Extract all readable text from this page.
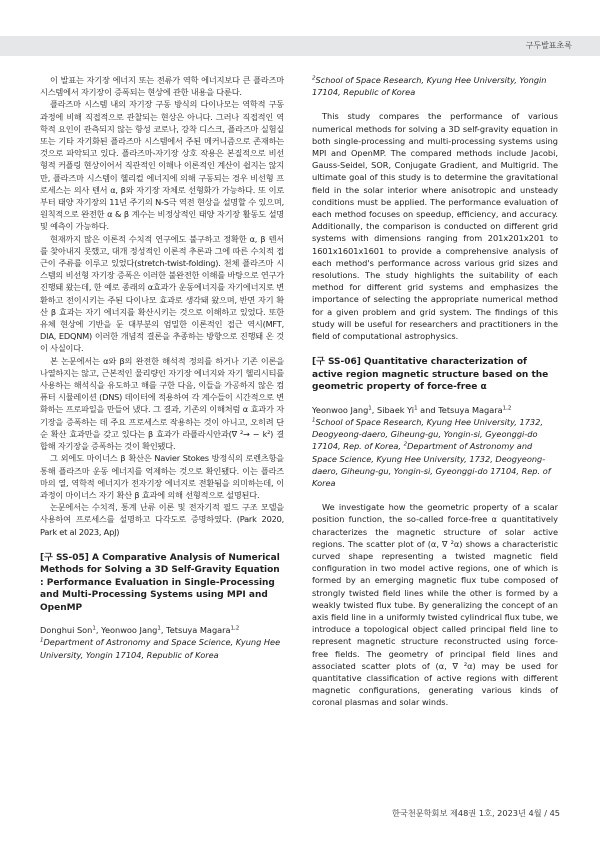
구두발표초록

이 발표는 자기장 에너지 또는 전류가 역학 에너지보다 큰 플라즈마 시스템에서 자기장이 증폭되는 현상에 관한 내용을 다룬다.

플라즈마 시스템 내의 자기장 구동 방식의 다이나모는 역학적 구동 과정에 비해 직접적으로 관찰되는 현상은 아니다. 그러나 직접적인 역학적 요인이 관측되지 않는 항성 코로나, 강착 디스크, 플라즈마 실험실 또는 기타 자기화된 플라즈마 시스템에서 주된 메커니즘으로 존재하는 것으로 파악되고 있다. 플라즈마-자기장 상호 작용은 본질적으로 비선형적 커플링 현상이어서 직관적인 이해나 이론적인 계산이 쉽지는 않지만, 플라즈마 시스템이 헬리컬 에너지에 의해 구동되는 경우 비선형 프로세스는 의사 텐서 α, β와 자기장 자체로 선형화가 가능하다. 또 이로부터 태양 자기장의 11년 주기의 N-S극 역전 현상을 설명할 수 있으며, 원칙적으로 완전한 α & β 계수는 비정상적인 태양 자기장 활동도 설명 및 예측이 가능하다.

현재까지 많은 이론적 수치적 연구에도 불구하고 정확한 α, β 텐서를 찾아내지 못했고, 대개 정성적인 이론적 추론과 그에 따른 수치적 접근이 주류를 이루고 있었다(stretch-twist-folding). 천체 플라즈마 시스템의 비선형 자기장 증폭은 이러한 불완전한 이해를 바탕으로 연구가 진행돼 왔는데, 한 예로 종래의 α효과가 운동에너지를 자기에너지로 변환하고 전이시키는 주된 다이나모 효과로 생각돼 왔으며, 반면 자기 확산 β 효과는 자기 에너지를 확산시키는 것으로 이해하고 있었다. 또한 유체 현상에 기반을 둔 대부분의 엄밀한 이론적인 접근 역시(MFT, DIA, EDQNM) 이러한 개념적 결론을 추종하는 방향으로 진행돼 온 것이 사실이다.

본 논문에서는 α와 β의 완전한 해석적 정의를 하거나 기존 이론을 나열하지는 않고, 근본적인 물리량인 자기장 에너지와 자기 헬리시티를 사용하는 해석식을 유도하고 해를 구한 다음, 이들을 가공하지 않은 컴퓨터 시뮬레이션 (DNS) 데이터에 적용하여 각 계수들이 시간적으로 변화하는 프로파일을 만들어 냈다. 그 결과, 기존의 이해처럼 α 효과가 자기장을 증폭하는 데 주요 프로세스로 작용하는 것이 아니고, 오히려 단순 확산 효과만을 갖고 있다는 β 효과가 라플라시안과(∇ ²→ − k²) 결합해 자기장을 증폭하는 것이 확인됐다.

그 외에도 마이너스 β 확산은 Navier Stokes 방정식의 로렌츠항을 통해 플라즈마 운동 에너지를 억제하는 것으로 확인됐다. 이는 플라즈마의 열, 역학적 에너지가 전자기장 에너지로 전환됨을 의미하는데, 이 과정이 마이너스 자기 확산 β 효과에 의해 선형적으로 설명된다.

논문에서는 수치적, 통계 난류 이론 및 전자기적 필드 구조 모델을 사용하여 프로세스를 설명하고 다각도로 증명하였다. (Park 2020, Park et al 2023, ApJ)

[구 SS-05] A Comparative Analysis of Numerical Methods for Solving a 3D Self-Gravity Equation : Performance Evaluation in Single-Processing and Multi-Processing Systems using MPI and OpenMP

Donghui Son$^1$, Yeonwoo Jang$^1$, Tetsuya Magara$^{1,2}$

$^1$Department of Astronomy and Space Science, Kyung Hee University, Yongin 17104, Republic of Korea

$^2$School of Space Research, Kyung Hee University, Yongin 17104, Republic of Korea

This study compares the performance of various numerical methods for solving a 3D self-gravity equation in both single-processing and multi-processing systems using MPI and OpenMP. The compared methods include Jacobi, Gauss-Seidel, SOR, Conjugate Gradient, and Multigrid. The ultimate goal of this study is to determine the gravitational field in the solar interior where anisotropic and unsteady conditions must be applied. The performance evaluation of each method focuses on speedup, efficiency, and accuracy. Additionally, the comparison is conducted on different grid systems with dimensions ranging from 201x201x201 to 1601x1601x1601 to provide a comprehensive analysis of each method's performance across various grid sizes and resolutions. The study highlights the suitability of each method for different grid systems and emphasizes the importance of selecting the appropriate numerical method for a given problem and grid system. The findings of this study will be useful for researchers and practitioners in the field of computational astrophysics.

[구 SS-06] Quantitative characterization of active region magnetic structure based on the geometric property of force-free α

Yeonwoo Jang$^1$, Sibaek Yi$^1$ and Tetsuya Magara$^{1,2}$

$^1$School of Space Research, Kyung Hee University, 1732, Deogyeong-daero, Giheung-gu, Yongin-si, Gyeonggi-do 17104, Rep. of Korea, $^2$Department of Astronomy and Space Science, Kyung Hee University, 1732, Deogyeong-daero, Giheung-gu, Yongin-si, Gyeonggi-do 17104, Rep. of Korea

We investigate how the geometric property of a scalar position function, the so-called force-free α quantitatively characterizes the magnetic structure of solar active regions. The scatter plot of (α, ∇ ²α) shows a characteristic curved shape representing a twisted magnetic field configuration in two model active regions, one of which is formed by an emerging magnetic flux tube composed of strongly twisted field lines while the other is formed by a weakly twisted flux tube. By generalizing the concept of an axis field line in a uniformly twisted cylindrical flux tube, we introduce a topological object called principal field line to represent magnetic structure reconstructed using force-free fields. The geometry of principal field lines and associated scatter plots of (α, ∇ ²α) may be used for quantitative classification of active regions with different magnetic configurations, generating various kinds of coronal plasmas and solar winds.

한국천문학회보 제48권 1호, 2023년 4월 / 45
